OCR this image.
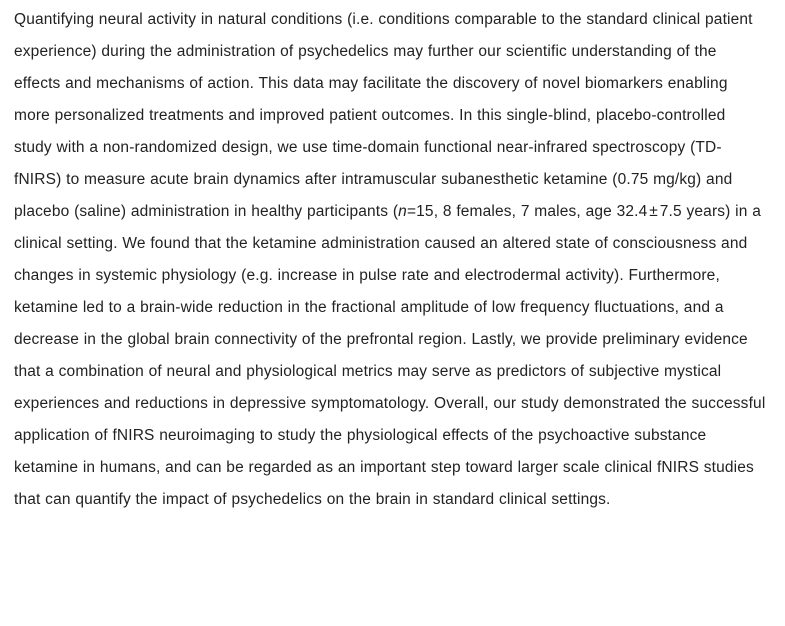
Quantifying neural activity in natural conditions (i.e. conditions comparable to the standard clinical patient experience) during the administration of psychedelics may further our scientific understanding of the effects and mechanisms of action. This data may facilitate the discovery of novel biomarkers enabling more personalized treatments and improved patient outcomes. In this single-blind, placebo-controlled study with a non-randomized design, we use time-domain functional near-infrared spectroscopy (TD-fNIRS) to measure acute brain dynamics after intramuscular subanesthetic ketamine (0.75 mg/kg) and placebo (saline) administration in healthy participants (n=15, 8 females, 7 males, age 32.4 ± 7.5 years) in a clinical setting. We found that the ketamine administration caused an altered state of consciousness and changes in systemic physiology (e.g. increase in pulse rate and electrodermal activity). Furthermore, ketamine led to a brain-wide reduction in the fractional amplitude of low frequency fluctuations, and a decrease in the global brain connectivity of the prefrontal region. Lastly, we provide preliminary evidence that a combination of neural and physiological metrics may serve as predictors of subjective mystical experiences and reductions in depressive symptomatology. Overall, our study demonstrated the successful application of fNIRS neuroimaging to study the physiological effects of the psychoactive substance ketamine in humans, and can be regarded as an important step toward larger scale clinical fNIRS studies that can quantify the impact of psychedelics on the brain in standard clinical settings.
